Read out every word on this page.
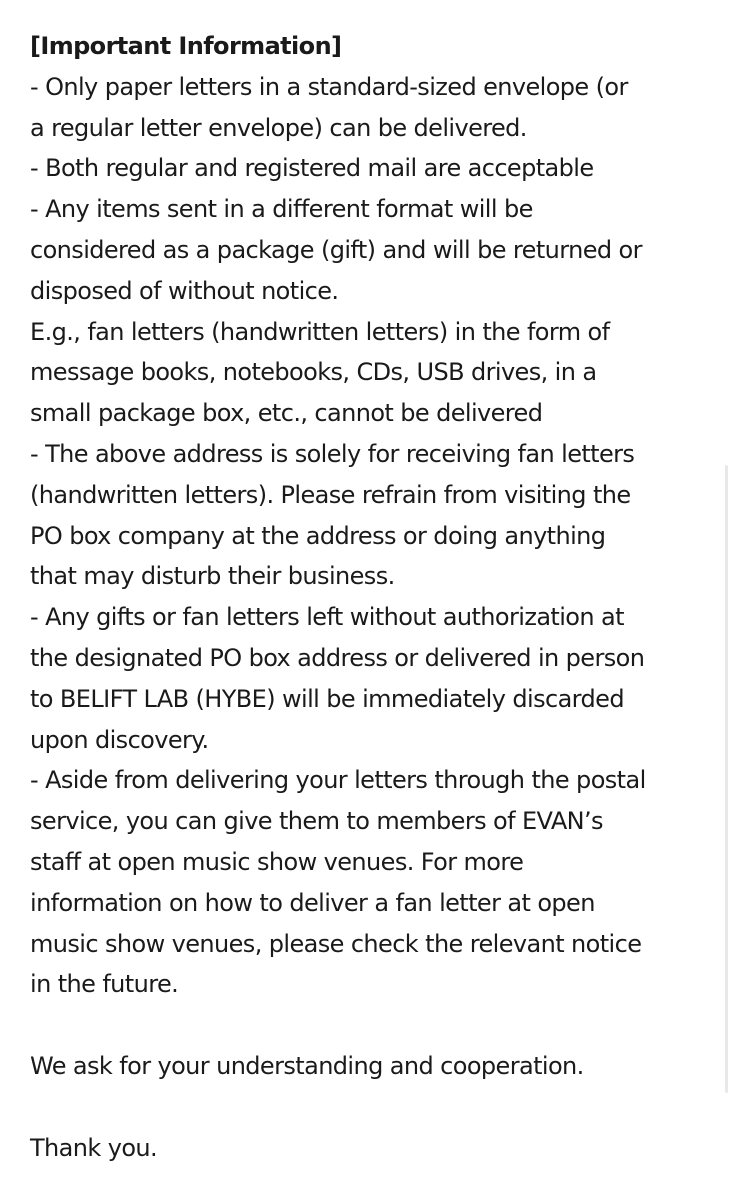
[Important Information]
- Only paper letters in a standard-sized envelope (or
a regular letter envelope) can be delivered.
- Both regular and registered mail are acceptable
- Any items sent in a different format will be
considered as a package (gift) and will be returned or
disposed of without notice.
E.g., fan letters (handwritten letters) in the form of
message books, notebooks, CDs, USB drives, in a
small package box, etc., cannot be delivered
- The above address is solely for receiving fan letters
(handwritten letters). Please refrain from visiting the
PO box company at the address or doing anything
that may disturb their business.
- Any gifts or fan letters left without authorization at
the designated PO box address or delivered in person
to BELIFT LAB (HYBE) will be immediately discarded
upon discovery.
- Aside from delivering your letters through the postal
service, you can give them to members of EVAN’s
staff at open music show venues. For more
information on how to deliver a fan letter at open
music show venues, please check the relevant notice
in the future.
We ask for your understanding and cooperation.
Thank you.
